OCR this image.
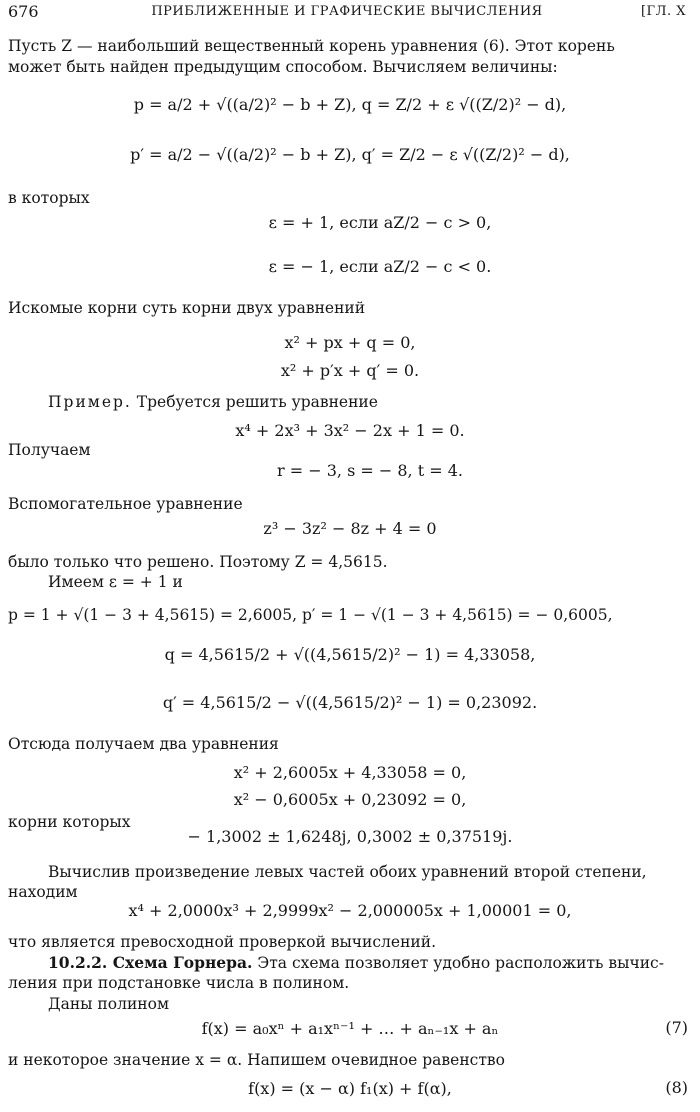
676	ПРИБЛИЖЕННЫЕ И ГРАФИЧЕСКИЕ ВЫЧИСЛЕНИЯ	[ГЛ. X
Пусть Z — наибольший вещественный корень уравнения (6). Этот корень
может быть найден предыдущим способом. Вычисляем величины:
p = a/2 + √((a/2)² − b + Z), q = Z/2 + ε √((Z/2)² − d),
p′ = a/2 − √((a/2)² − b + Z), q′ = Z/2 − ε √((Z/2)² − d),
в которых
ε = + 1, если aZ/2 − c > 0,
ε = − 1, если aZ/2 − c < 0.
Искомые корни суть корни двух уравнений
x² + px + q = 0,
x² + p′x + q′ = 0.
Пример. Требуется решить уравнение
x⁴ + 2x³ + 3x² − 2x + 1 = 0.
Получаем
r = − 3, s = − 8, t = 4.
Вспомогательное уравнение
z³ − 3z² − 8z + 4 = 0
было только что решено. Поэтому Z = 4,5615.
Имеем ε = + 1 и
p = 1 + √(1 − 3 + 4,5615) = 2,6005, p′ = 1 − √(1 − 3 + 4,5615) = − 0,6005,
q = 4,5615/2 + √((4,5615/2)² − 1) = 4,33058,
q′ = 4,5615/2 − √((4,5615/2)² − 1) = 0,23092.
Отсюда получаем два уравнения
x² + 2,6005x + 4,33058 = 0,
x² − 0,6005x + 0,23092 = 0,
корни которых
− 1,3002 ± 1,6248j, 0,3002 ± 0,37519j.
Вычислив произведение левых частей обоих уравнений второй степени,
находим
x⁴ + 2,0000x³ + 2,9999x² − 2,000005x + 1,00001 = 0,
что является превосходной проверкой вычислений.
10.2.2. Схема Горнера. Эта схема позволяет удобно расположить вычис-
ления при подстановке числа в полином.
Даны полином
f(x) = a₀xⁿ + a₁xⁿ⁻¹ + … + aₙ₋₁x + aₙ	(7)
и некоторое значение x = α. Напишем очевидное равенство
f(x) = (x − α) f₁(x) + f(α),	(8)
